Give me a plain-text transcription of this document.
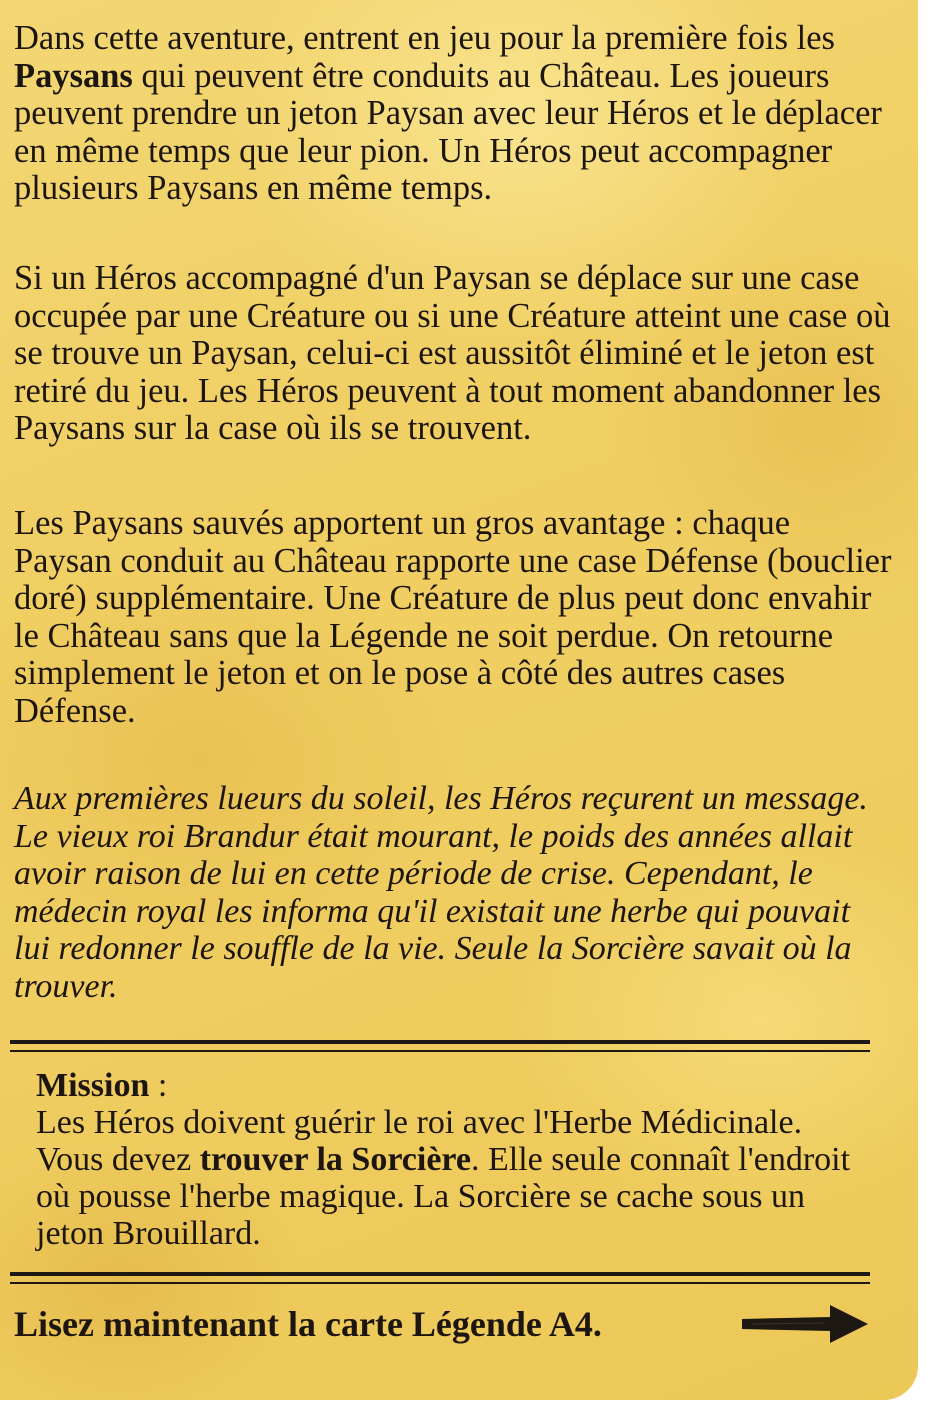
Dans cette aventure, entrent en jeu pour la première fois les Paysans qui peuvent être conduits au Château. Les joueurs peuvent prendre un jeton Paysan avec leur Héros et le déplacer en même temps que leur pion. Un Héros peut accompagner plusieurs Paysans en même temps.

Si un Héros accompagné d'un Paysan se déplace sur une case occupée par une Créature ou si une Créature atteint une case où se trouve un Paysan, celui-ci est aussitôt éliminé et le jeton est retiré du jeu. Les Héros peuvent à tout moment abandonner les Paysans sur la case où ils se trouvent.

Les Paysans sauvés apportent un gros avantage : chaque Paysan conduit au Château rapporte une case Défense (bouclier doré) supplémentaire. Une Créature de plus peut donc envahir le Château sans que la Légende ne soit perdue. On retourne simplement le jeton et on le pose à côté des autres cases Défense.

Aux premières lueurs du soleil, les Héros reçurent un message. Le vieux roi Brandur était mourant, le poids des années allait avoir raison de lui en cette période de crise. Cependant, le médecin royal les informa qu'il existait une herbe qui pouvait lui redonner le souffle de la vie. Seule la Sorcière savait où la trouver.

Mission :
Les Héros doivent guérir le roi avec l'Herbe Médicinale. Vous devez trouver la Sorcière. Elle seule connaît l'endroit où pousse l'herbe magique. La Sorcière se cache sous un jeton Brouillard.
Lisez maintenant la carte Légende A4.
